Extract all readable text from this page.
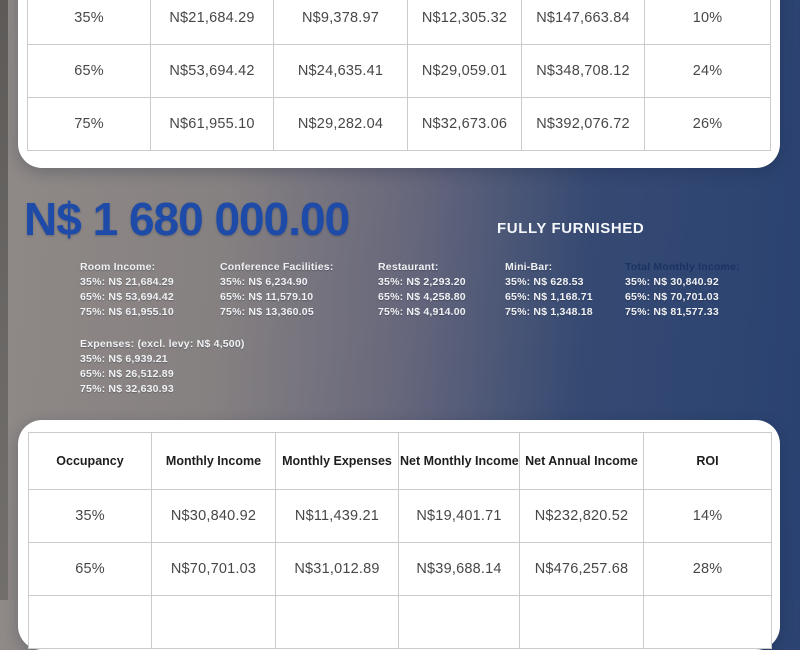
35%	N$21,684.29	N$9,378.97	N$12,305.32	N$147,663.84	10%
65%	N$53,694.42	N$24,635.41	N$29,059.01	N$348,708.12	24%
75%	N$61,955.10	N$29,282.04	N$32,673.06	N$392,076.72	26%
N$ 1 680 000.00	FULLY FURNISHED
Room Income:
35%: N$ 21,684.29
65%: N$ 53,694.42
75%: N$ 61,955.10
Conference Facilities:
35%: N$ 6,234.90
65%: N$ 11,579.10
75%: N$ 13,360.05
Restaurant:
35%: N$ 2,293.20
65%: N$ 4,258.80
75%: N$ 4,914.00
Mini-Bar:
35%: N$ 628.53
65%: N$ 1,168.71
75%: N$ 1,348.18
Total Monthly Income:
35%: N$ 30,840.92
65%: N$ 70,701.03
75%: N$ 81,577.33
Expenses: (excl. levy: N$ 4,500)
35%: N$ 6,939.21
65%: N$ 26,512.89
75%: N$ 32,630.93
Occupancy	Monthly Income	Monthly Expenses	Net Monthly Income	Net Annual Income	ROI
35%	N$30,840.92	N$11,439.21	N$19,401.71	N$232,820.52	14%
65%	N$70,701.03	N$31,012.89	N$39,688.14	N$476,257.68	28%
